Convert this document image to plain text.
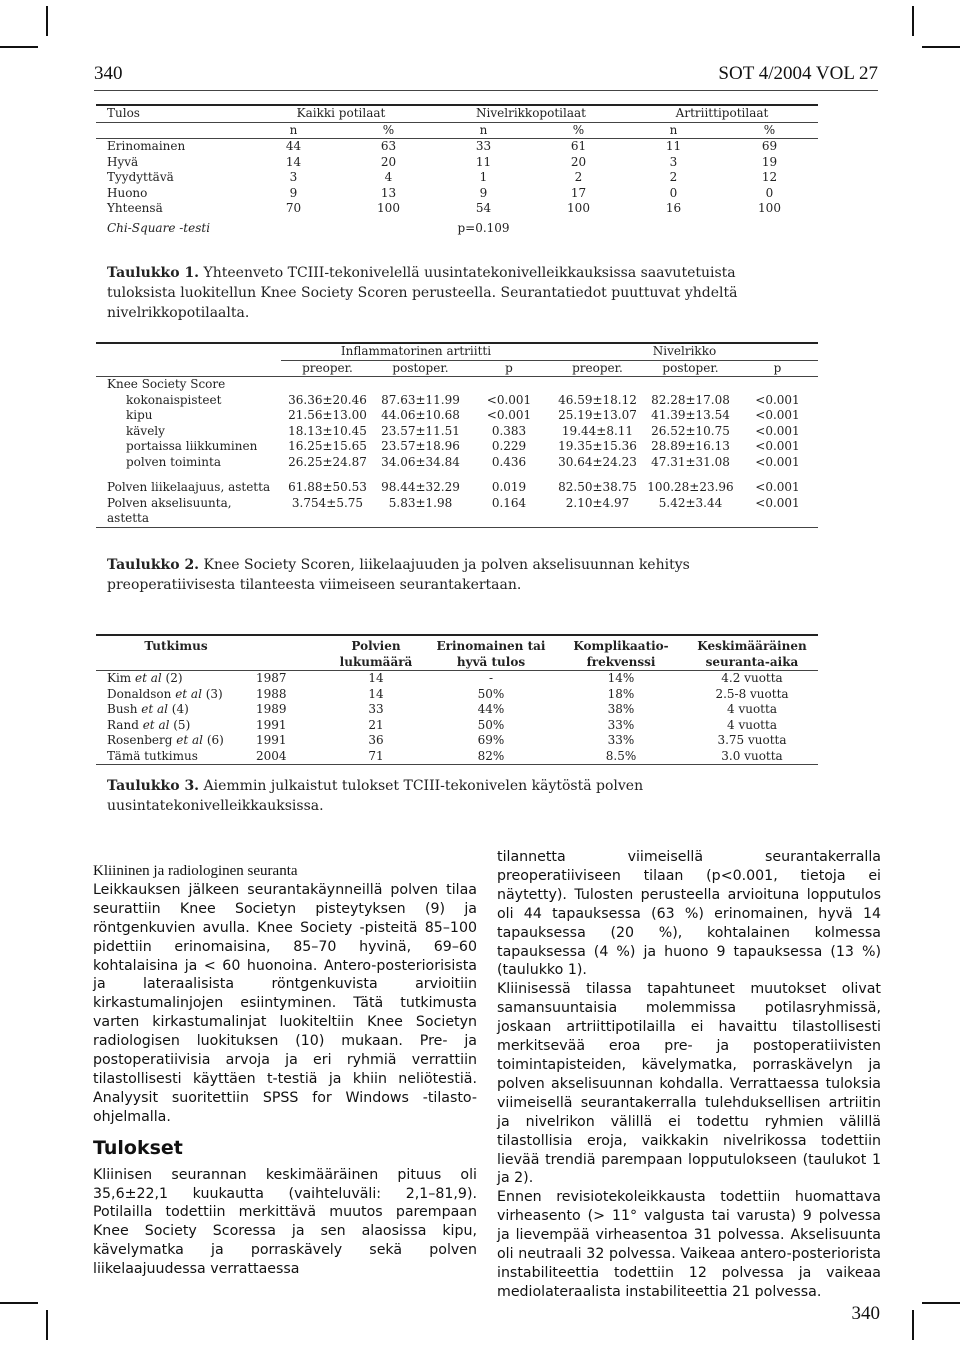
340	SOT 4/2004 VOL 27
Tulos	Kaikki potilaat		Nivelrikkopotilaat		Artriittipotilaat	
	n	%	n	%	n	%
Erinomainen	44	63	33	61	11	69
Hyvä	14	20	11	20	3	19
Tyydyttävä	3	4	1	2	2	12
Huono	9	13	9	17	0	0
Yhteensä	70	100	54	100	16	100
Chi-Square -testi			p=0.109			
Taulukko 1. Yhteenveto TCIII-tekonivelellä uusintatekonivelleikkauksissa saavutetuista tuloksista luokitellun Knee Society Scoren perusteella. Seurantatiedot puuttuvat yhdeltä nivelrikkopotilaalta.
	Inflammatorinen artriitti			Nivelrikko		
	preoper.	postoper.	p	preoper.	postoper.	p
Knee Society Score						
kokonaispisteet	36.36±20.46	87.63±11.99	<0.001	46.59±18.12	82.28±17.08	<0.001
kipu	21.56±13.00	44.06±10.68	<0.001	25.19±13.07	41.39±13.54	<0.001
kävely	18.13±10.45	23.57±11.51	0.383	19.44±8.11	26.52±10.75	<0.001
portaissa liikkuminen	16.25±15.65	23.57±18.96	0.229	19.35±15.36	28.89±16.13	<0.001
polven toiminta	26.25±24.87	34.06±34.84	0.436	30.64±24.23	47.31±31.08	<0.001

Polven liikelaajuus, astetta	61.88±50.53	98.44±32.29	0.019	82.50±38.75	100.28±23.96	<0.001
Polven akselisuunta,	3.754±5.75	5.83±1.98	0.164	2.10±4.97	5.42±3.44	<0.001
astetta						
Taulukko 2. Knee Society Scoren, liikelaajuuden ja polven akselisuunnan kehitys preoperatiivisesta tilanteesta viimeiseen seurantakertaan.
Tutkimus		Polvien	Erinomainen tai	Komplikaatio-	Keskimääräinen
		lukumäärä	hyvä tulos	frekvenssi	seuranta-aika
Kim et al (2)	1987	14	-	14%	4.2 vuotta
Donaldson et al (3)	1988	14	50%	18%	2.5-8 vuotta
Bush et al (4)	1989	33	44%	38%	4 vuotta
Rand et al (5)	1991	21	50%	33%	4 vuotta
Rosenberg et al (6)	1991	36	69%	33%	3.75 vuotta
Tämä tutkimus	2004	71	82%	8.5%	3.0 vuotta
Taulukko 3. Aiemmin julkaistut tulokset TCIII-tekonivelen käytöstä polven uusintatekonivelleikkauksissa.
Kliininen ja radiologinen seuranta

Leikkauksen jälkeen seurantakäynneillä polven tilaa seurattiin Knee Societyn pisteytyksen (9) ja röntgenkuvien avulla. Knee Society -pisteitä 85–100 pidettiin erinomaisina, 85–70 hyvinä, 69–60 kohtalaisina ja < 60 huonoina. Antero-posteriorisista ja lateraalisista röntgenkuvista arvioitiin kirkastumalinjojen esiintyminen. Tätä tutkimusta varten kirkastumalinjat luokiteltiin Knee Societyn radiologisen luokituksen (10) mukaan. Pre- ja postoperatiivisia arvoja ja eri ryhmiä verrattiin tilastollisesti käyttäen t-testiä ja khiin neliötestiä. Analyysit suoritettiin SPSS for Windows -tilasto-ohjelmalla.

Tulokset

Kliinisen seurannan keskimääräinen pituus oli 35,6±22,1 kuukautta (vaihteluväli: 2,1–81,9). Potilailla todettiin merkittävä muutos parempaan Knee Society Scoressa ja sen alaosissa kipu, kävelymatka ja porraskävely sekä polven liikelaajuudessa verrattaessa

tilannetta viimeisellä seurantakerralla preoperatiiviseen tilaan (p<0.001, tietoja ei näytetty). Tulosten perusteella arvioituna lopputulos oli 44 tapauksessa (63 %) erinomainen, hyvä 14 tapauksessa (20 %), kohtalainen kolmessa tapauksessa (4 %) ja huono 9 tapauksessa (13 %) (taulukko 1).

Kliinisessä tilassa tapahtuneet muutokset olivat samansuuntaisia molemmissa potilasryhmissä, joskaan artriittipotilailla ei havaittu tilastollisesti merkitsevää eroa pre- ja postoperatiivisten toimintapisteiden, kävelymatka, porraskävelyn ja polven akselisuunnan kohdalla. Verrattaessa tuloksia viimeisellä seurantakerralla tulehduksellisen artriitin ja nivelrikon välillä ei todettu ryhmien välillä tilastollisia eroja, vaikkakin nivelrikossa todettiin lievää trendiä parempaan lopputulokseen (taulukot 1 ja 2).

Ennen revisiotekoleikkausta todettiin huomattava virheasento (> 11° valgusta tai varusta) 9 polvessa ja lievempää virheasentoa 31 polvessa. Akselisuunta oli neutraali 32 polvessa. Vaikeaa antero-posteriorista instabiliteettia todettiin 12 polvessa ja vaikeaa mediolateraalista instabiliteettia 21 polvessa.

340
